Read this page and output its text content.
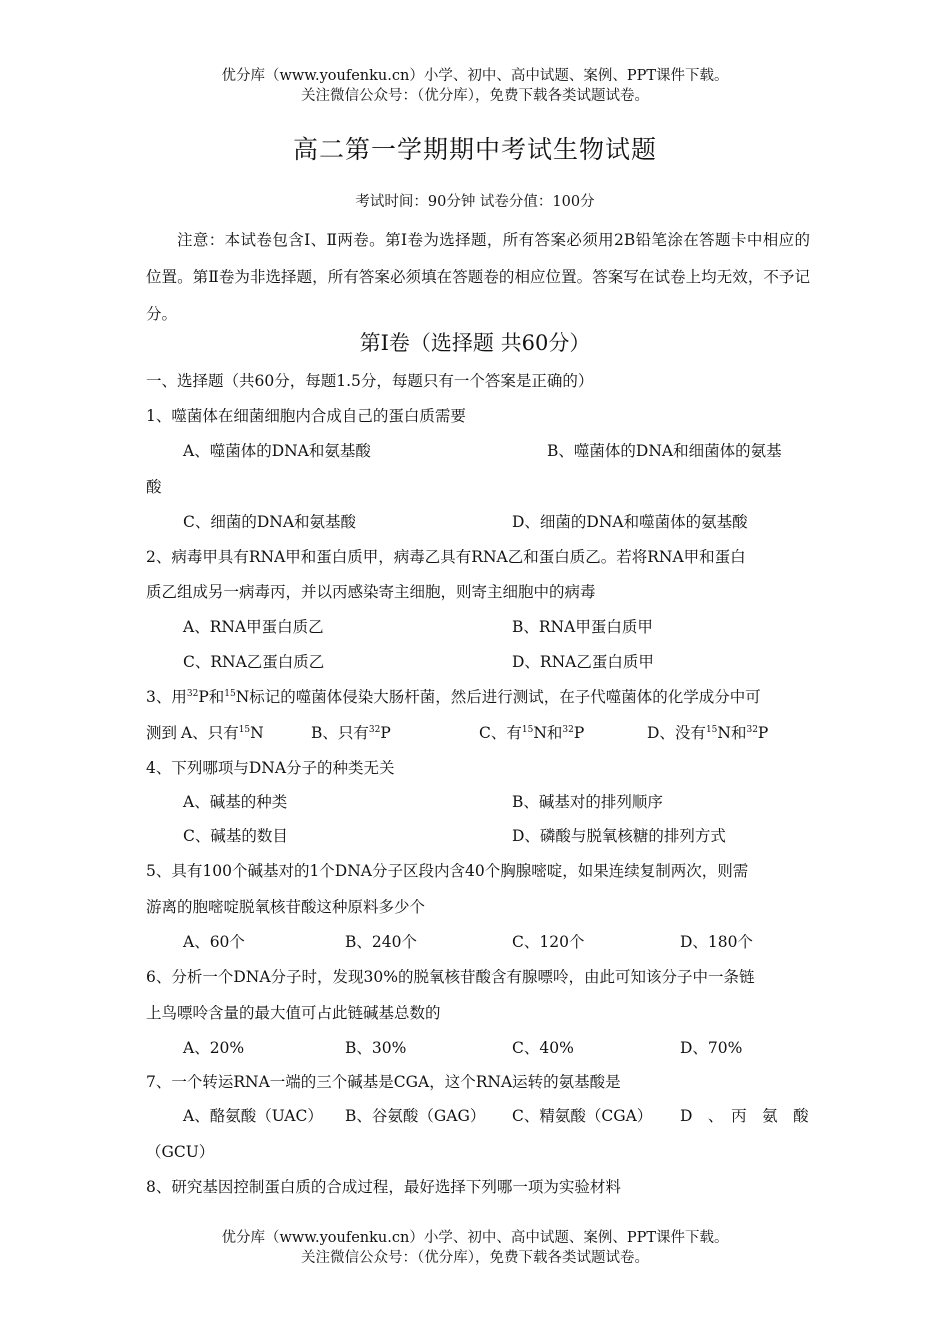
优分库（www.youfenku.cn）小学、初中、高中试题、案例、PPT课件下载。
关注微信公众号：（优分库），免费下载各类试题试卷。
高二第一学期期中考试生物试题
考试时间：90分钟 试卷分值：100分
注意：本试卷包含Ⅰ、Ⅱ两卷。第Ⅰ卷为选择题，所有答案必须用2B铅笔涂在答题卡中相应的位置。第Ⅱ卷为非选择题，所有答案必须填在答题卷的相应位置。答案写在试卷上均无效，不予记分。
第Ⅰ卷（选择题 共60分）
一、选择题（共60分，每题1.5分，每题只有一个答案是正确的）
1、噬菌体在细菌细胞内合成自己的蛋白质需要
A、噬菌体的DNA和氨基酸	B、噬菌体的DNA和细菌体的氨基
酸
C、细菌的DNA和氨基酸	D、细菌的DNA和噬菌体的氨基酸
2、病毒甲具有RNA甲和蛋白质甲，病毒乙具有RNA乙和蛋白质乙。若将RNA甲和蛋白
质乙组成另一病毒丙，并以丙感染寄主细胞，则寄主细胞中的病毒
A、RNA甲蛋白质乙	B、RNA甲蛋白质甲
C、RNA乙蛋白质乙	D、RNA乙蛋白质甲
3、用$^{32}$P和$^{15}$N标记的噬菌体侵染大肠杆菌，然后进行测试，在子代噬菌体的化学成分中可
测到 A、只有$^{15}$N	B、只有$^{32}$P	C、有$^{15}$N和$^{32}$P	D、没有$^{15}$N和$^{32}$P
4、下列哪项与DNA分子的种类无关
A、碱基的种类	B、碱基对的排列顺序
C、碱基的数目	D、磷酸与脱氧核糖的排列方式
5、具有100个碱基对的1个DNA分子区段内含40个胸腺嘧啶，如果连续复制两次，则需
游离的胞嘧啶脱氧核苷酸这种原料多少个
A、60个	B、240个	C、120个	D、180个
6、分析一个DNA分子时，发现30%的脱氧核苷酸含有腺嘌呤，由此可知该分子中一条链
上鸟嘌呤含量的最大值可占此链碱基总数的
A、20%	B、30%	C、40%	D、70%
7、一个转运RNA一端的三个碱基是CGA，这个RNA运转的氨基酸是
A、酪氨酸（UAC） B、谷氨酸（GAG） C、精氨酸（CGA） D　、　丙　氨　酸
（GCU）
8、研究基因控制蛋白质的合成过程，最好选择下列哪一项为实验材料
优分库（www.youfenku.cn）小学、初中、高中试题、案例、PPT课件下载。
关注微信公众号：（优分库），免费下载各类试题试卷。
